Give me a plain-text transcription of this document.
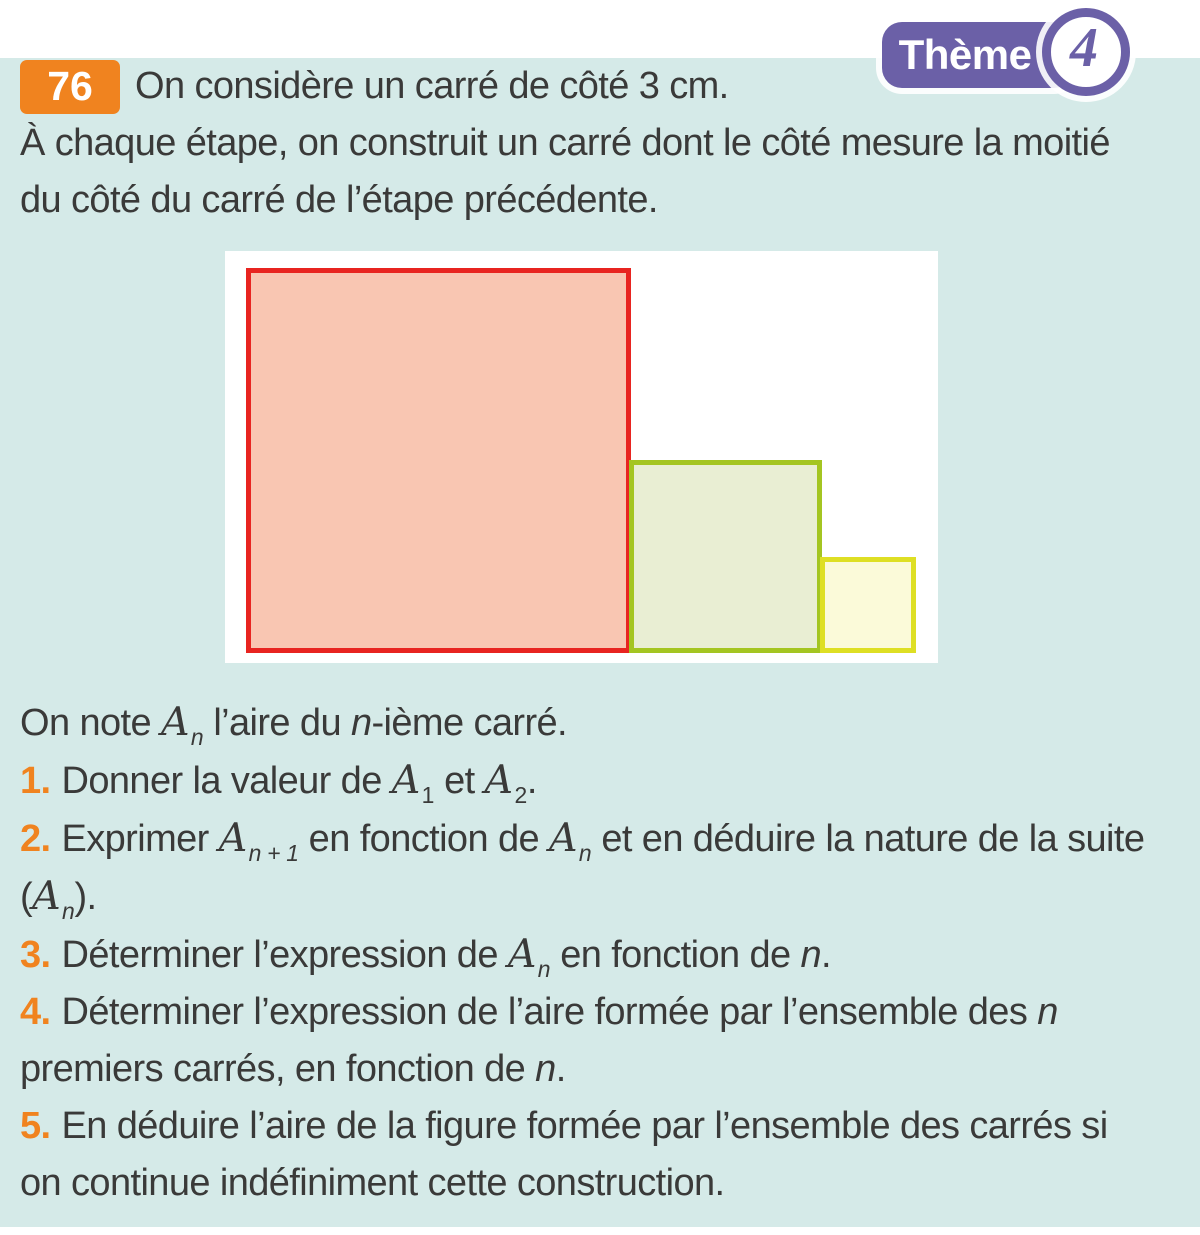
Thème 4
76	On considère un carré de côté 3 cm.

À chaque étape, on construit un carré dont le côté mesure la moitié du côté du carré de l’étape précédente.

On note $A_n$ l’aire du n-ième carré.

1. Donner la valeur de $A_1$ et $A_2$.

2. Exprimer $A_{n + 1}$ en fonction de $A_n$ et en déduire la nature de la suite $(A_n)$.

3. Déterminer l’expression de $A_n$ en fonction de n.

4. Déterminer l’expression de l’aire formée par l’ensemble des n premiers carrés, en fonction de n.

5. En déduire l’aire de la figure formée par l’ensemble des carrés si on continue indéfiniment cette construction.
